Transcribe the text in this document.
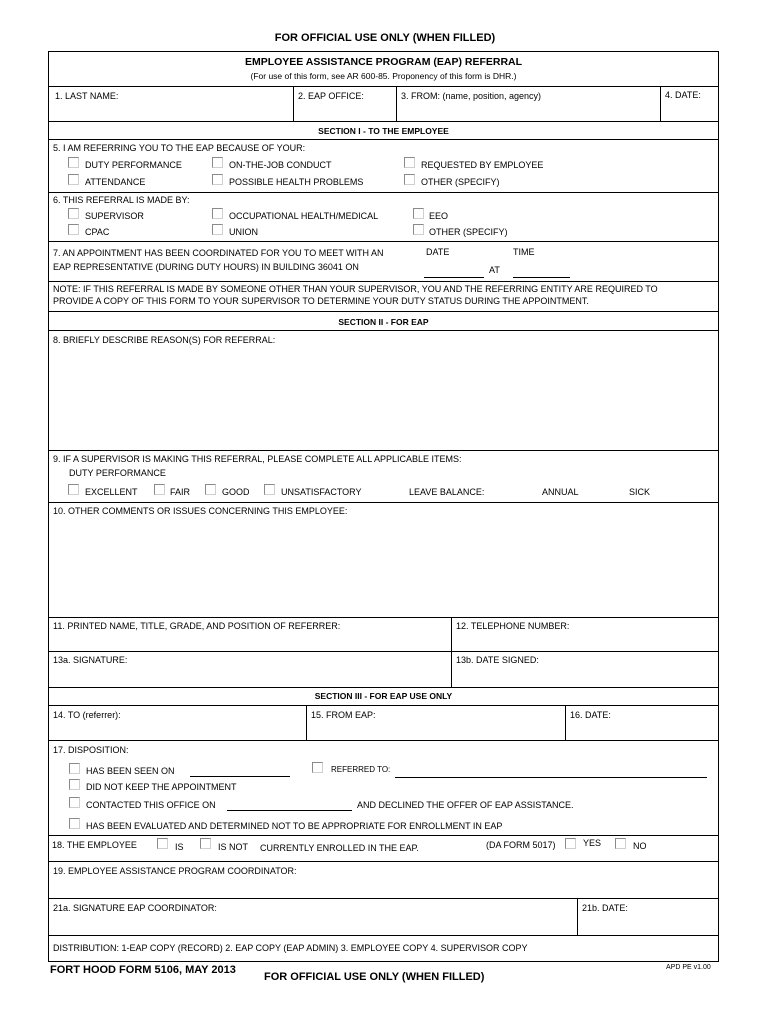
FOR OFFICIAL USE ONLY (WHEN FILLED)
EMPLOYEE ASSISTANCE PROGRAM (EAP) REFERRAL
(For use of this form, see AR 600-85. Proponency of this form is DHR.)
1. LAST NAME:	2. EAP OFFICE:	3. FROM: (name, position, agency)	4. DATE:
SECTION I - TO THE EMPLOYEE
5. I AM REFERRING YOU TO THE EAP BECAUSE OF YOUR:
DUTY PERFORMANCE	ON-THE-JOB CONDUCT	REQUESTED BY EMPLOYEE
ATTENDANCE	POSSIBLE HEALTH PROBLEMS	OTHER (SPECIFY)
6. THIS REFERRAL IS MADE BY:
SUPERVISOR	OCCUPATIONAL HEALTH/MEDICAL	EEO
CPAC	UNION	OTHER (SPECIFY)
7. AN APPOINTMENT HAS BEEN COORDINATED FOR YOU TO MEET WITH AN
EAP REPRESENTATIVE (DURING DUTY HOURS) IN BUILDING 36041 ON
DATE	TIME
AT
NOTE: IF THIS REFERRAL IS MADE BY SOMEONE OTHER THAN YOUR SUPERVISOR, YOU AND THE REFERRING ENTITY ARE REQUIRED TO
PROVIDE A COPY OF THIS FORM TO YOUR SUPERVISOR TO DETERMINE YOUR DUTY STATUS DURING THE APPOINTMENT.
SECTION II - FOR EAP
8. BRIEFLY DESCRIBE REASON(S) FOR REFERRAL:
9. IF A SUPERVISOR IS MAKING THIS REFERRAL, PLEASE COMPLETE ALL APPLICABLE ITEMS:
DUTY PERFORMANCE
EXCELLENT	FAIR	GOOD	UNSATISFACTORY	LEAVE BALANCE:	ANNUAL	SICK
10. OTHER COMMENTS OR ISSUES CONCERNING THIS EMPLOYEE:
11. PRINTED NAME, TITLE, GRADE, AND POSITION OF REFERRER:	12. TELEPHONE NUMBER:
13a. SIGNATURE:	13b. DATE SIGNED:
SECTION III - FOR EAP USE ONLY
14. TO (referrer):	15. FROM EAP:	16. DATE:
17. DISPOSITION:
HAS BEEN SEEN ON	REFERRED TO:
DID NOT KEEP THE APPOINTMENT
CONTACTED THIS OFFICE ON	AND DECLINED THE OFFER OF EAP ASSISTANCE.
HAS BEEN EVALUATED AND DETERMINED NOT TO BE APPROPRIATE FOR ENROLLMENT IN EAP
18. THE EMPLOYEE	IS	IS NOT CURRENTLY ENROLLED IN THE EAP.	(DA FORM 5017)	YES	NO
19. EMPLOYEE ASSISTANCE PROGRAM COORDINATOR:
21a. SIGNATURE EAP COORDINATOR:	21b. DATE:
DISTRIBUTION: 1-EAP COPY (RECORD) 2. EAP COPY (EAP ADMIN) 3. EMPLOYEE COPY 4. SUPERVISOR COPY
FORT HOOD FORM 5106, MAY 2013
FOR OFFICIAL USE ONLY (WHEN FILLED)
APD PE v1.00
